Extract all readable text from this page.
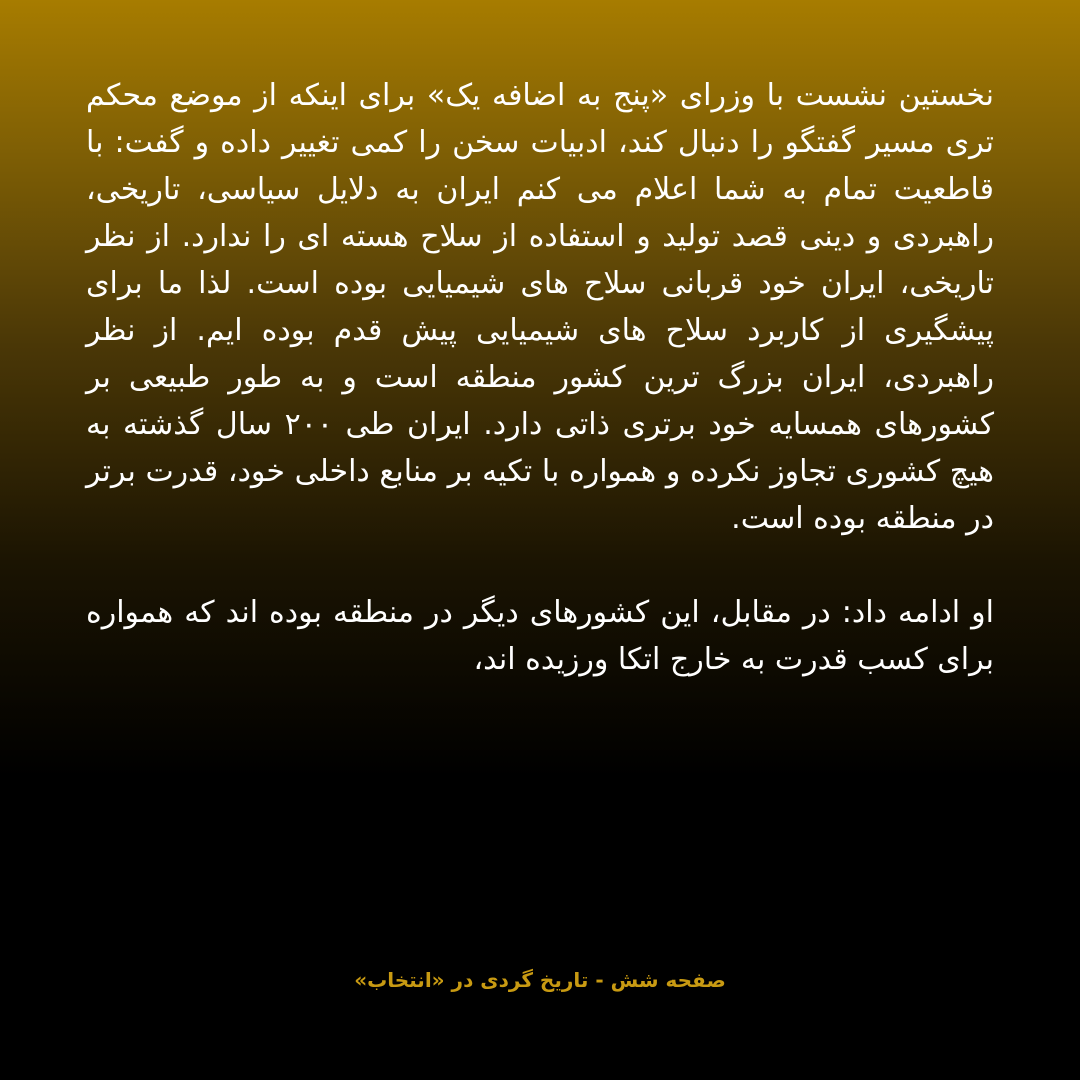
نخستین نشست با وزرای «پنج به اضافه یک» برای اینکه از موضع محکم تری مسیر گفتگو را دنبال کند، ادبیات سخن را کمی تغییر داده و گفت: با قاطعیت تمام به شما اعلام می کنم ایران به دلایل سیاسی، تاریخی، راهبردی و دینی قصد تولید و استفاده از سلاح هسته ای را ندارد. از نظر تاریخی، ایران خود قربانی سلاح های شیمیایی بوده است. لذا ما برای پیشگیری از کاربرد سلاح های شیمیایی پیش قدم بوده ایم. از نظر راهبردی، ایران بزرگ ترین کشور منطقه است و به طور طبیعی بر کشورهای همسایه خود برتری ذاتی دارد. ایران طی ۲۰۰ سال گذشته به هیچ کشوری تجاوز نکرده و همواره با تکیه بر منابع داخلی خود، قدرت برتر در منطقه بوده است.

او ادامه داد: در مقابل، این کشورهای دیگر در منطقه بوده اند که همواره برای کسب قدرت به خارج اتکا ورزیده اند،

صفحه شش - تاریخ گردی در «انتخاب»
